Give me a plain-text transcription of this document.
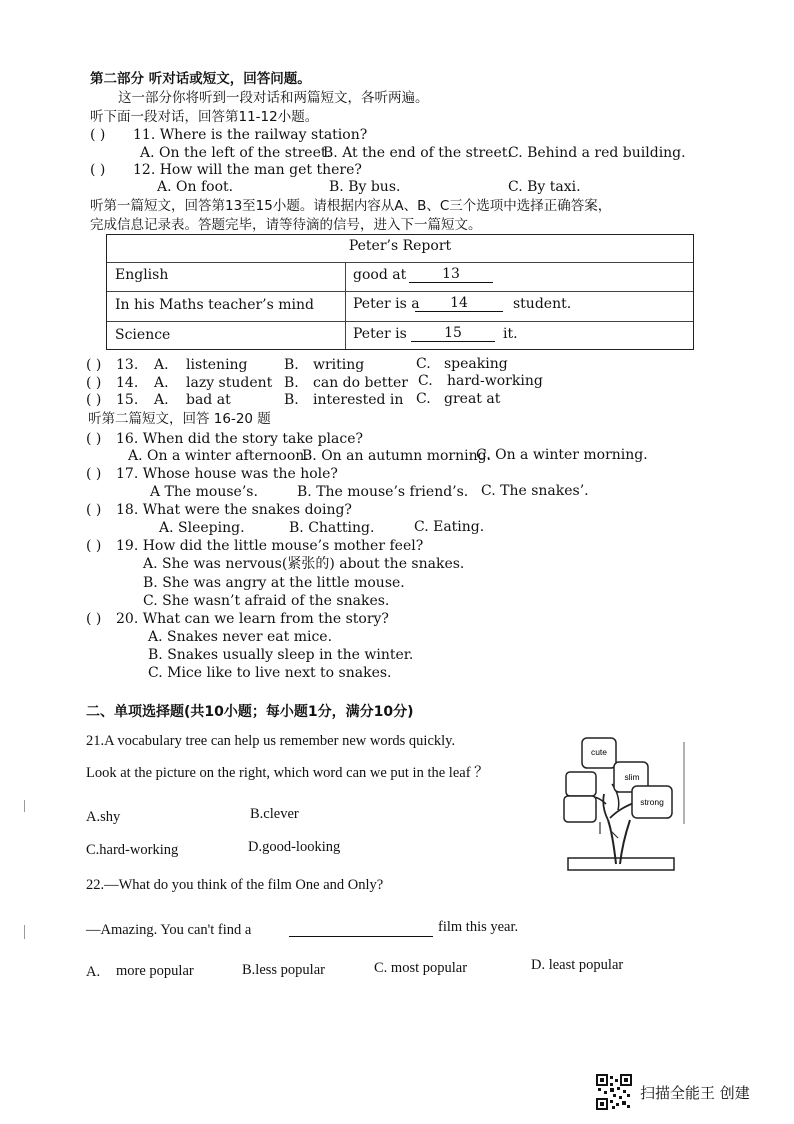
第二部分 听对话或短文，回答问题。
这一部分你将听到一段对话和两篇短文，各听两遍。
听下面一段对话，回答第11-12小题。
( ) 11. Where is the railway station?
A. On the left of the street.
B. At the end of the street.
C. Behind a red building.
( ) 12. How will the man get there?
A. On foot.	B. By bus.	C. By taxi.
听第一篇短文，回答第13至15小题。请根据内容从A、B、C三个选项中选择正确答案，
完成信息记录表。答题完毕，请等待滴的信号，进入下一篇短文。
Peter’s Report
English	good at	13
In his Maths teacher’s mind	Peter is a	14	student.
Science	Peter is	15	it.
( ) 13. A. listening	B. writing	C. speaking
( ) 14. A. lazy student B. can do better C. hard-working
( ) 15. A. bad at	B. interested in C. great at
听第二篇短文，回答 16-20 题
( ) 16. When did the story take place?
A. On a winter afternoon.
B. On an autumn morning.
C. On a winter morning.
( ) 17. Whose house was the hole?
A The mouse’s.	B. The mouse’s friend’s. C. The snakes’.
( ) 18. What were the snakes doing?
A. Sleeping.	B. Chatting.	C. Eating.
( ) 19. How did the little mouse’s mother feel?
A. She was nervous(紧张的) about the snakes.
B. She was angry at the little mouse.
C. She wasn’t afraid of the snakes.
( ) 20. What can we learn from the story?
A. Snakes never eat mice.
B. Snakes usually sleep in the winter.
C. Mice like to live next to snakes.
二、单项选择题(共10小题；每小题1分，满分10分)
21.A vocabulary tree can help us remember new words quickly.
Look at the picture on the right, which word can we put in the leaf ？
A.shy	B.clever
C.hard-working	D.good-looking
cute
slim
strong
22.—What do you think of the film One and Only?
—Amazing. You can't find a	film this year.
A. more popular	B.less popular	C. most popular	D. least popular
扫描全能王 创建
